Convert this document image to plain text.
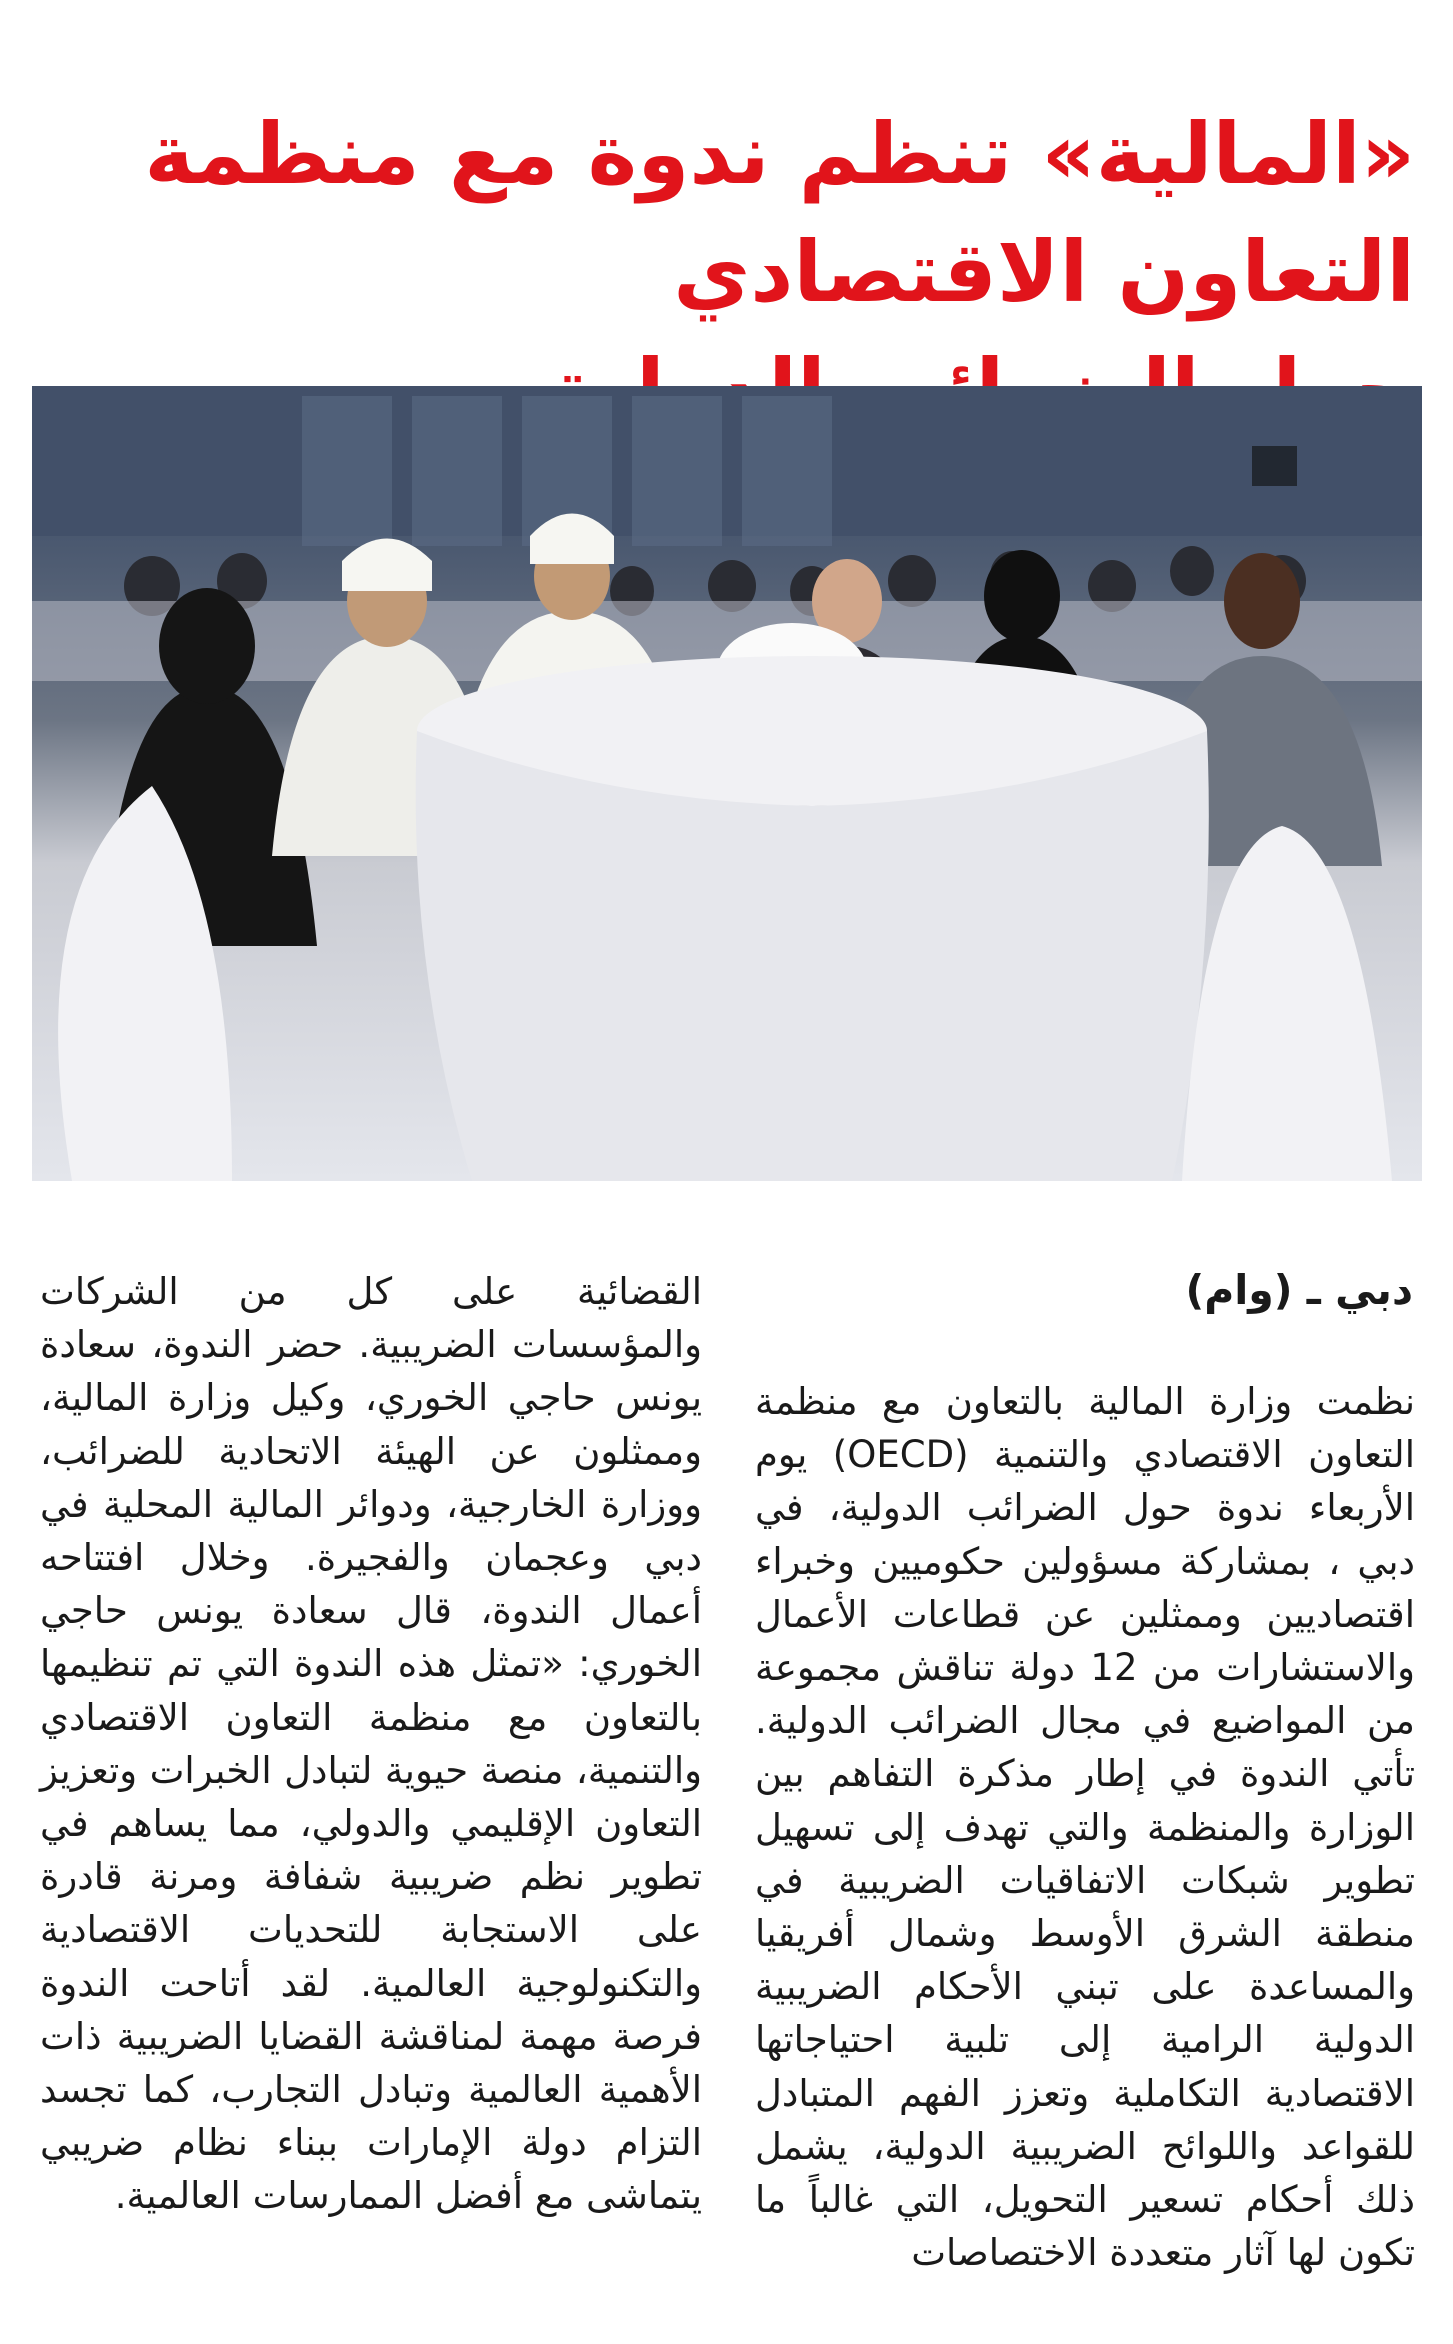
«المالية» تنظم ندوة مع منظمة التعاون الاقتصادي

دبي ـ (وام)

نظمت وزارة المالية بالتعاون مع منظمة التعاون الاقتصادي والتنمية (OECD) يوم الأربعاء ندوة حول الضرائب الدولية، في دبي ، بمشاركة مسؤولين حكوميين وخبراء اقتصاديين وممثلين عن قطاعات الأعمال والاستشارات من 12 دولة تناقش مجموعة من المواضيع في مجال الضرائب الدولية. تأتي الندوة في إطار مذكرة التفاهم بين الوزارة والمنظمة والتي تهدف إلى تسهيل تطوير شبكات الاتفاقيات الضريبية في منطقة الشرق الأوسط وشمال أفريقيا والمساعدة على تبني الأحكام الضريبية الدولية الرامية إلى تلبية احتياجاتها الاقتصادية التكاملية وتعزز الفهم المتبادل للقواعد واللوائح الضريبية الدولية، يشمل ذلك أحكام تسعير التحويل، التي غالباً ما تكون لها آثار متعددة الاختصاصات

القضائية على كل من الشركات والمؤسسات الضريبية. حضر الندوة، سعادة يونس حاجي الخوري، وكيل وزارة المالية، وممثلون عن الهيئة الاتحادية للضرائب، ووزارة الخارجية، ودوائر المالية المحلية في دبي وعجمان والفجيرة. وخلال افتتاحه أعمال الندوة، قال سعادة يونس حاجي الخوري: «تمثل هذه الندوة التي تم تنظيمها بالتعاون مع منظمة التعاون الاقتصادي والتنمية، منصة حيوية لتبادل الخبرات وتعزيز التعاون الإقليمي والدولي، مما يساهم في تطوير نظم ضريبية شفافة ومرنة قادرة على الاستجابة للتحديات الاقتصادية والتكنولوجية العالمية. لقد أتاحت الندوة فرصة مهمة لمناقشة القضايا الضريبية ذات الأهمية العالمية وتبادل التجارب، كما تجسد التزام دولة الإمارات ببناء نظام ضريبي يتماشى مع أفضل الممارسات العالمية.
